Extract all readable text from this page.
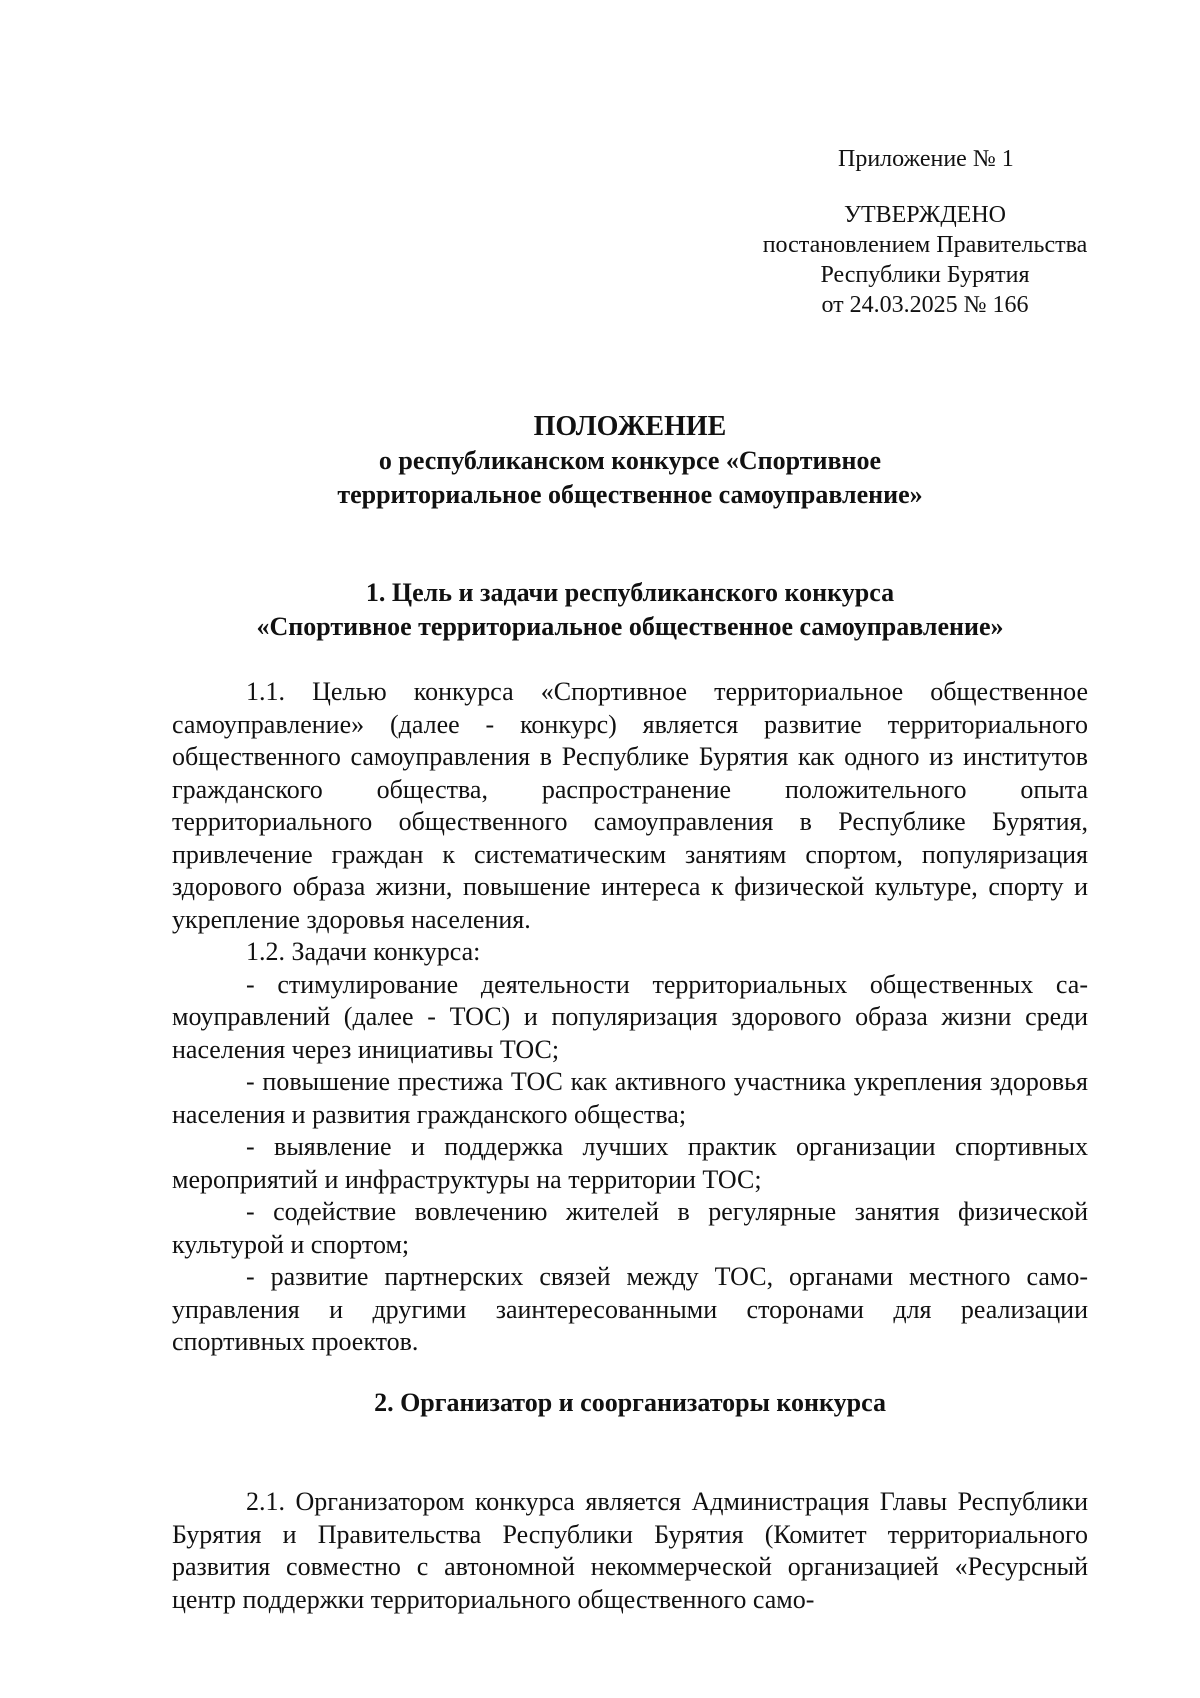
Приложение № 1
УТВЕРЖДЕНО
постановлением Правительства
Республики Бурятия
от 24.03.2025 № 166
ПОЛОЖЕНИЕ
о республиканском конкурсе «Спортивное
территориальное общественное самоуправление»
1. Цель и задачи республиканского конкурса
«Спортивное территориальное общественное самоуправление»

1.1. Целью конкурса «Спортивное территориальное общественное самоуправление» (далее - конкурс) является развитие территориального общественного самоуправления в Республике Бурятия как одного из институтов гражданского общества, распространение положительного опыта территориального общественного самоуправления в Республике Бурятия, привлечение граждан к систематическим занятиям спортом, популяризация здорового образа жизни, повышение интереса к физической культуре, спорту и укрепление здоровья населения.

1.2. Задачи конкурса:

- стимулирование деятельности территориальных общественных самоуправлений (далее - ТОС) и популяризация здорового образа жизни среди населения через инициативы ТОС;

- повышение престижа ТОС как активного участника укрепления здоровья населения и развития гражданского общества;

- выявление и поддержка лучших практик организации спортивных мероприятий и инфраструктуры на территории ТОС;

- содействие вовлечению жителей в регулярные занятия физической культурой и спортом;

- развитие партнерских связей между ТОС, органами местного самоуправления и другими заинтересованными сторонами для реализации спортивных проектов.

2. Организатор и соорганизаторы конкурса

2.1. Организатором конкурса является Администрация Главы Республики Бурятия и Правительства Республики Бурятия (Комитет территориального развития совместно с автономной некоммерческой организацией «Ресурсный центр поддержки территориального общественного само-
